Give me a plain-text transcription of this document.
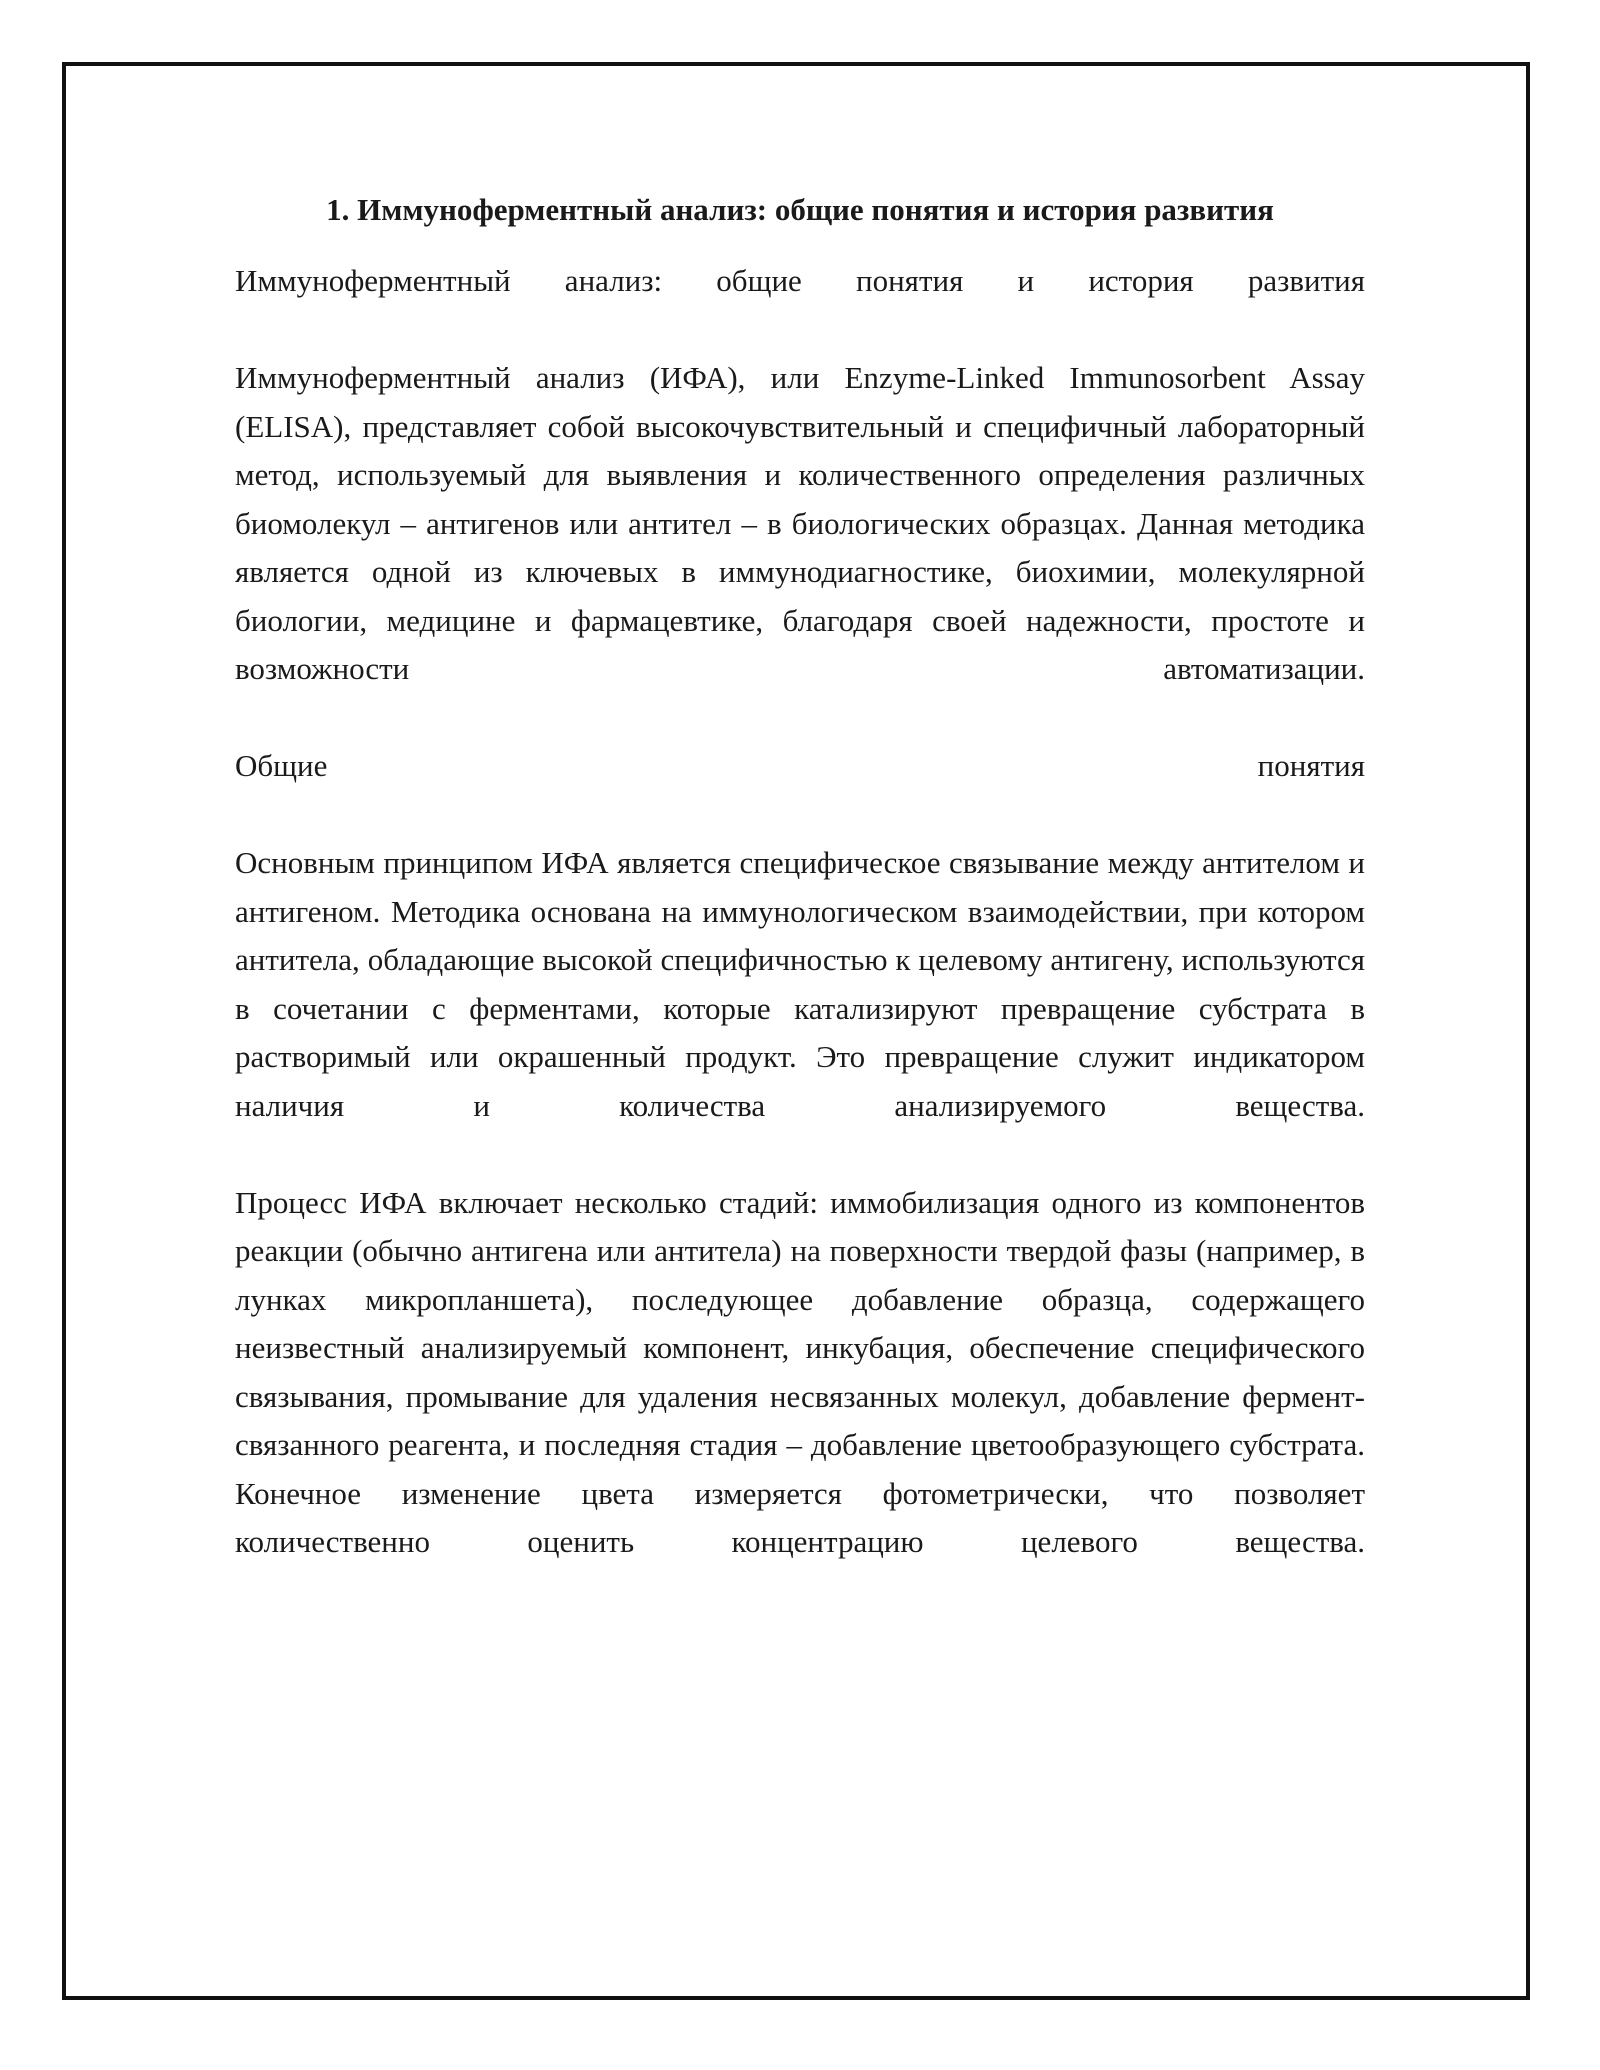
1. Иммуноферментный анализ: общие понятия и история развития

Иммуноферментный анализ: общие понятия и история развития

Иммуноферментный анализ (ИФА), или Enzyme-Linked Immunosorbent Assay (ELISA), представляет собой высокочувствительный и специфичный лабораторный метод, используемый для выявления и количественного определения различных биомолекул – антигенов или антител – в биологических образцах. Данная методика является одной из ключевых в иммунодиагностике, биохимии, молекулярной биологии, медицине и фармацевтике, благодаря своей надежности, простоте и возможности автоматизации.

Общие понятия

Основным принципом ИФА является специфическое связывание между антителом и антигеном. Методика основана на иммунологическом взаимодействии, при котором антитела, обладающие высокой специфичностью к целевому антигену, используются в сочетании с ферментами, которые катализируют превращение субстрата в растворимый или окрашенный продукт. Это превращение служит индикатором наличия и количества анализируемого вещества.

Процесс ИФА включает несколько стадий: иммобилизация одного из компонентов реакции (обычно антигена или антитела) на поверхности твердой фазы (например, в лунках микропланшета), последующее добавление образца, содержащего неизвестный анализируемый компонент, инкубация, обеспечение специфического связывания, промывание для удаления несвязанных молекул, добавление фермент-связанного реагента, и последняя стадия – добавление цветообразующего субстрата. Конечное изменение цвета измеряется фотометрически, что позволяет количественно оценить концентрацию целевого вещества.
